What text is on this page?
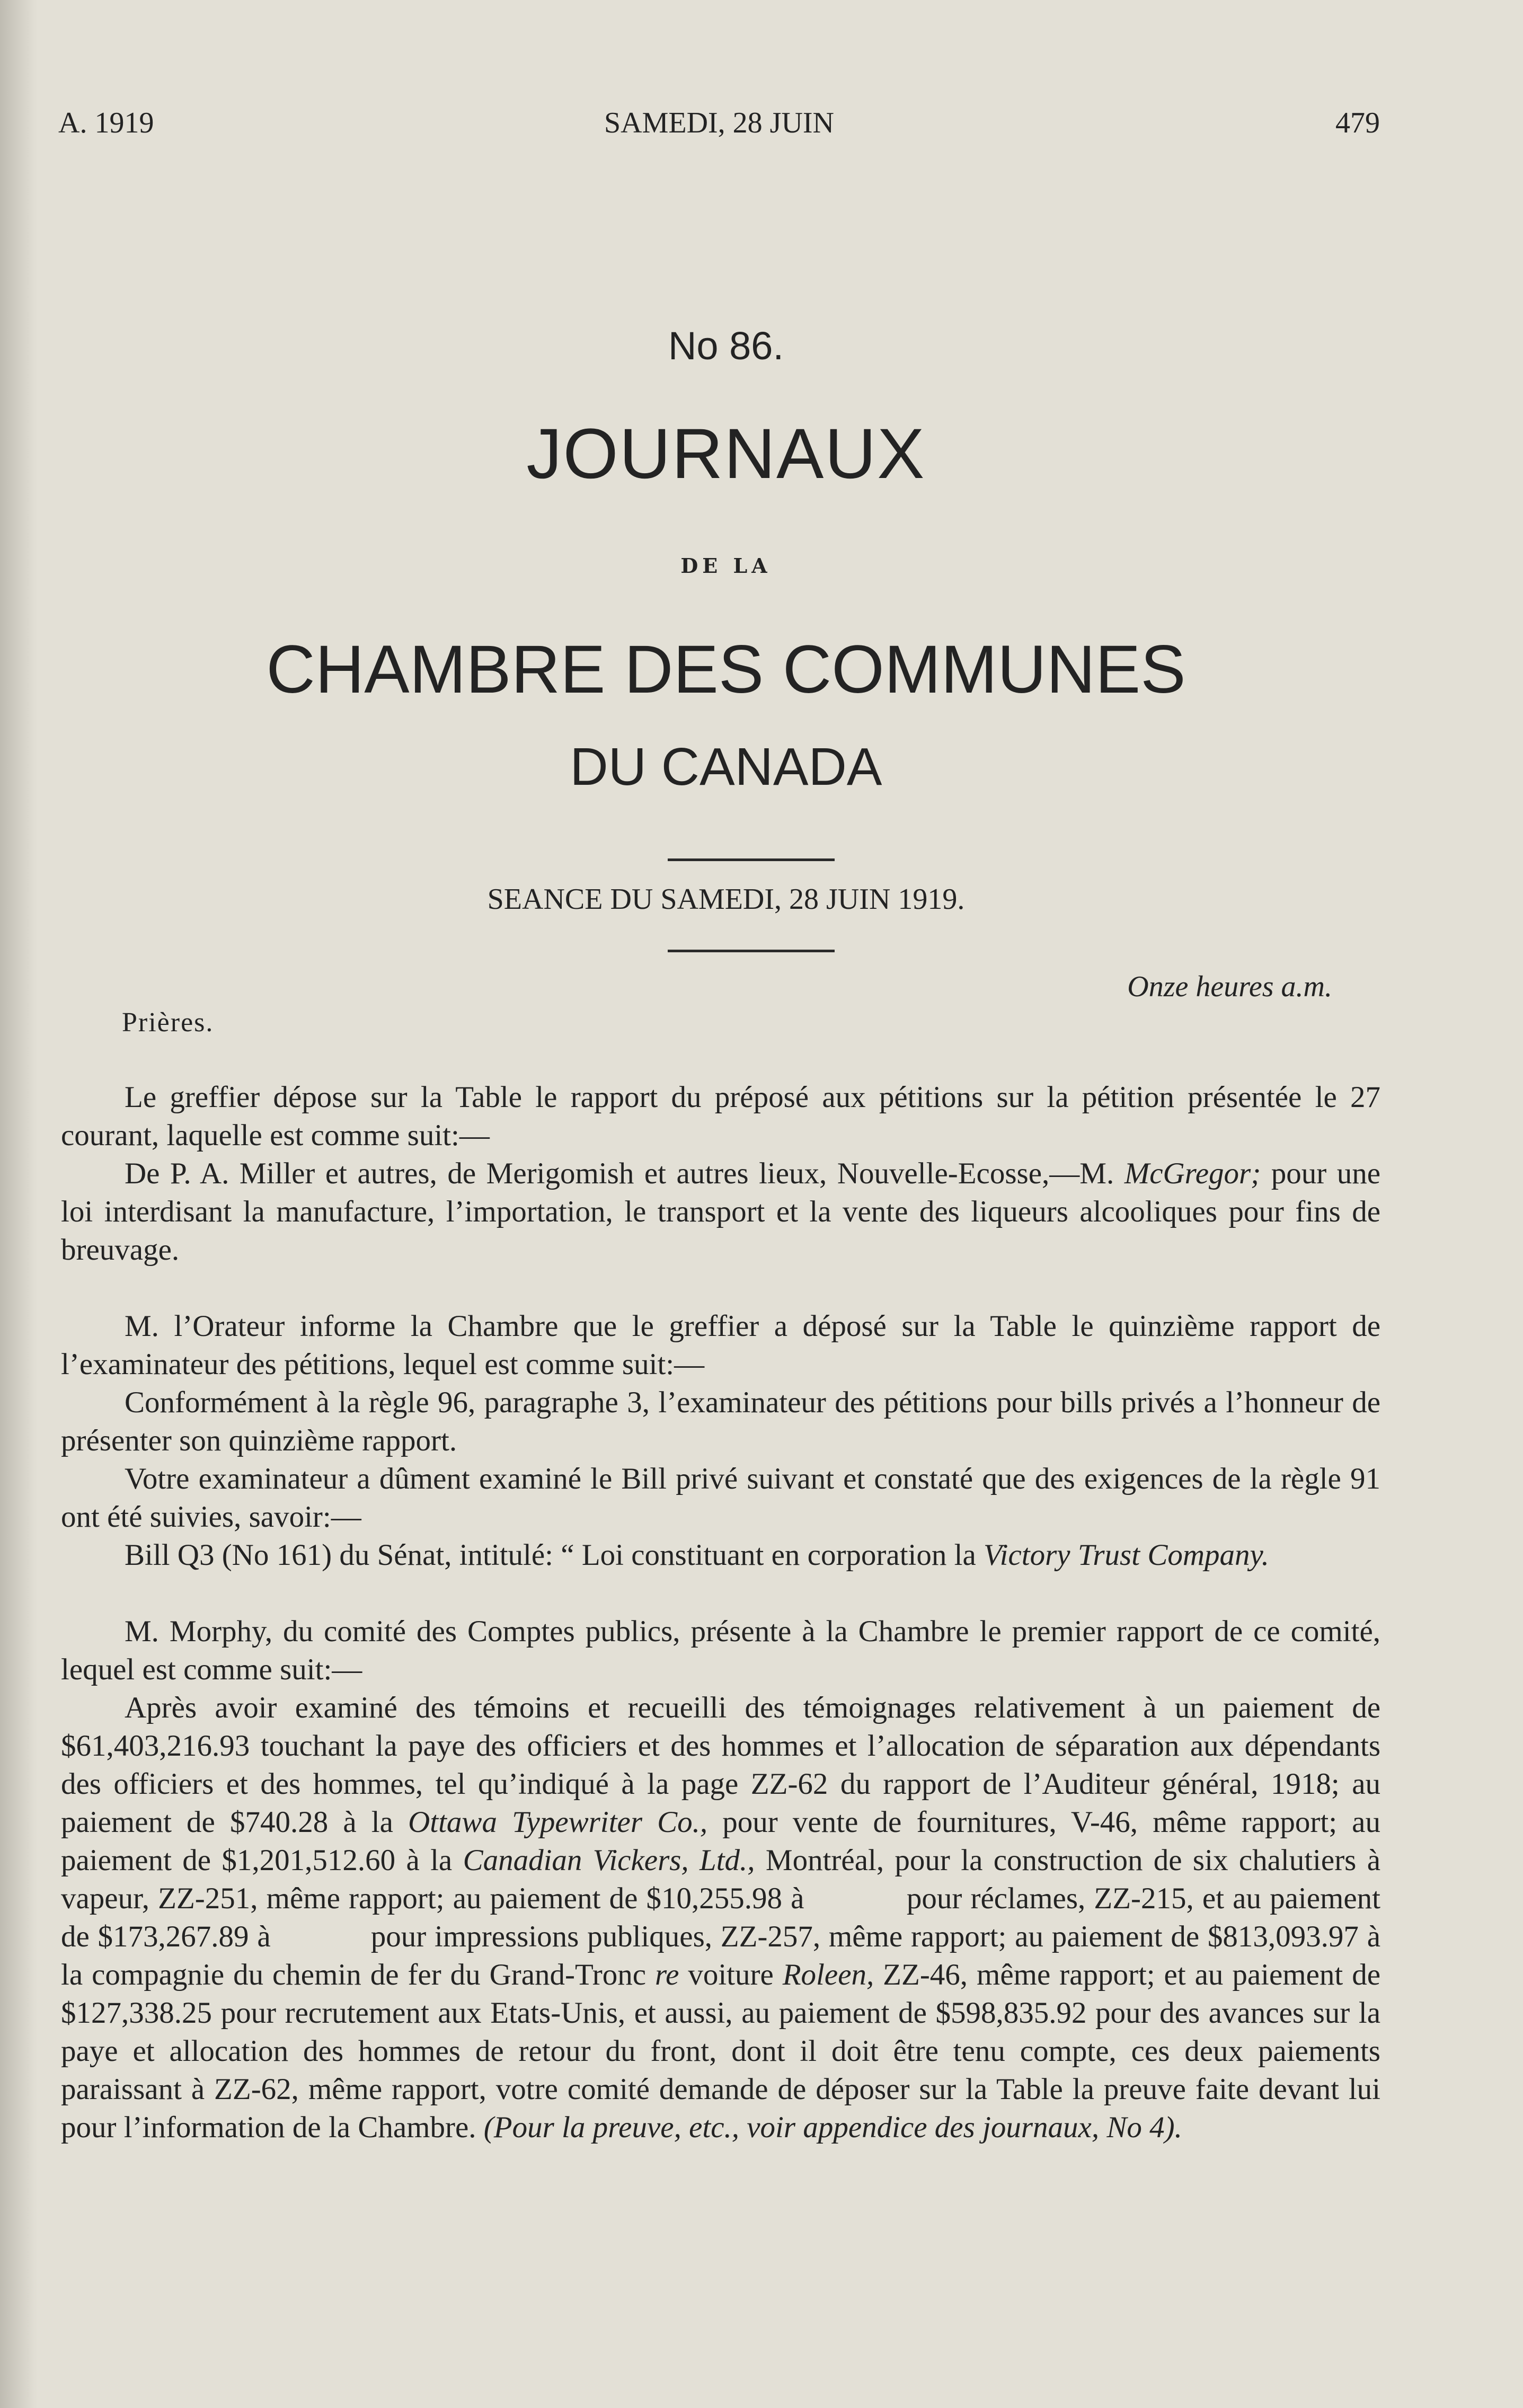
A. 1919	SAMEDI, 28 JUIN	479
No 86.
JOURNAUX
DE LA
CHAMBRE DES COMMUNES
DU CANADA
SEANCE DU SAMEDI, 28 JUIN 1919.
Onze heures a.m.
Prières.

Le greffier dépose sur la Table le rapport du préposé aux pétitions sur la pétition présentée le 27 courant, laquelle est comme suit:—

De P. A. Miller et autres, de Merigomish et autres lieux, Nouvelle-Ecosse,—M. McGregor; pour une loi interdisant la manufacture, l’importation, le transport et la vente des liqueurs alcooliques pour fins de breuvage.

M. l’Orateur informe la Chambre que le greffier a déposé sur la Table le quinzième rapport de l’examinateur des pétitions, lequel est comme suit:—

Conformément à la règle 96, paragraphe 3, l’examinateur des pétitions pour bills privés a l’honneur de présenter son quinzième rapport.

Votre examinateur a dûment examiné le Bill privé suivant et constaté que des exigences de la règle 91 ont été suivies, savoir:—

Bill Q3 (No 161) du Sénat, intitulé: “ Loi constituant en corporation la Victory Trust Company.

M. Morphy, du comité des Comptes publics, présente à la Chambre le premier rapport de ce comité, lequel est comme suit:—

Après avoir examiné des témoins et recueilli des témoignages relativement à un paiement de $61,403,216.93 touchant la paye des officiers et des hommes et l’allocation de séparation aux dépendants des officiers et des hommes, tel qu’indiqué à la page ZZ-62 du rapport de l’Auditeur général, 1918; au paiement de $740.28 à la Ottawa Typewriter Co., pour vente de fournitures, V-46, même rapport; au paiement de $1,201,512.60 à la Canadian Vickers, Ltd., Montréal, pour la construction de six chalutiers à vapeur, ZZ-251, même rapport; au paiement de $10,255.98 à            pour réclames, ZZ-215, et au paiement de $173,267.89 à            pour impressions publiques, ZZ-257, même rapport; au paiement de $813,093.97 à la compagnie du chemin de fer du Grand-Tronc re voiture Roleen, ZZ-46, même rapport; et au paiement de $127,338.25 pour recrutement aux Etats-Unis, et aussi, au paiement de $598,835.92 pour des avances sur la paye et allocation des hommes de retour du front, dont il doit être tenu compte, ces deux paiements paraissant à ZZ-62, même rapport, votre comité demande de déposer sur la Table la preuve faite devant lui pour l’information de la Chambre. (Pour la preuve, etc., voir appendice des journaux, No 4).
